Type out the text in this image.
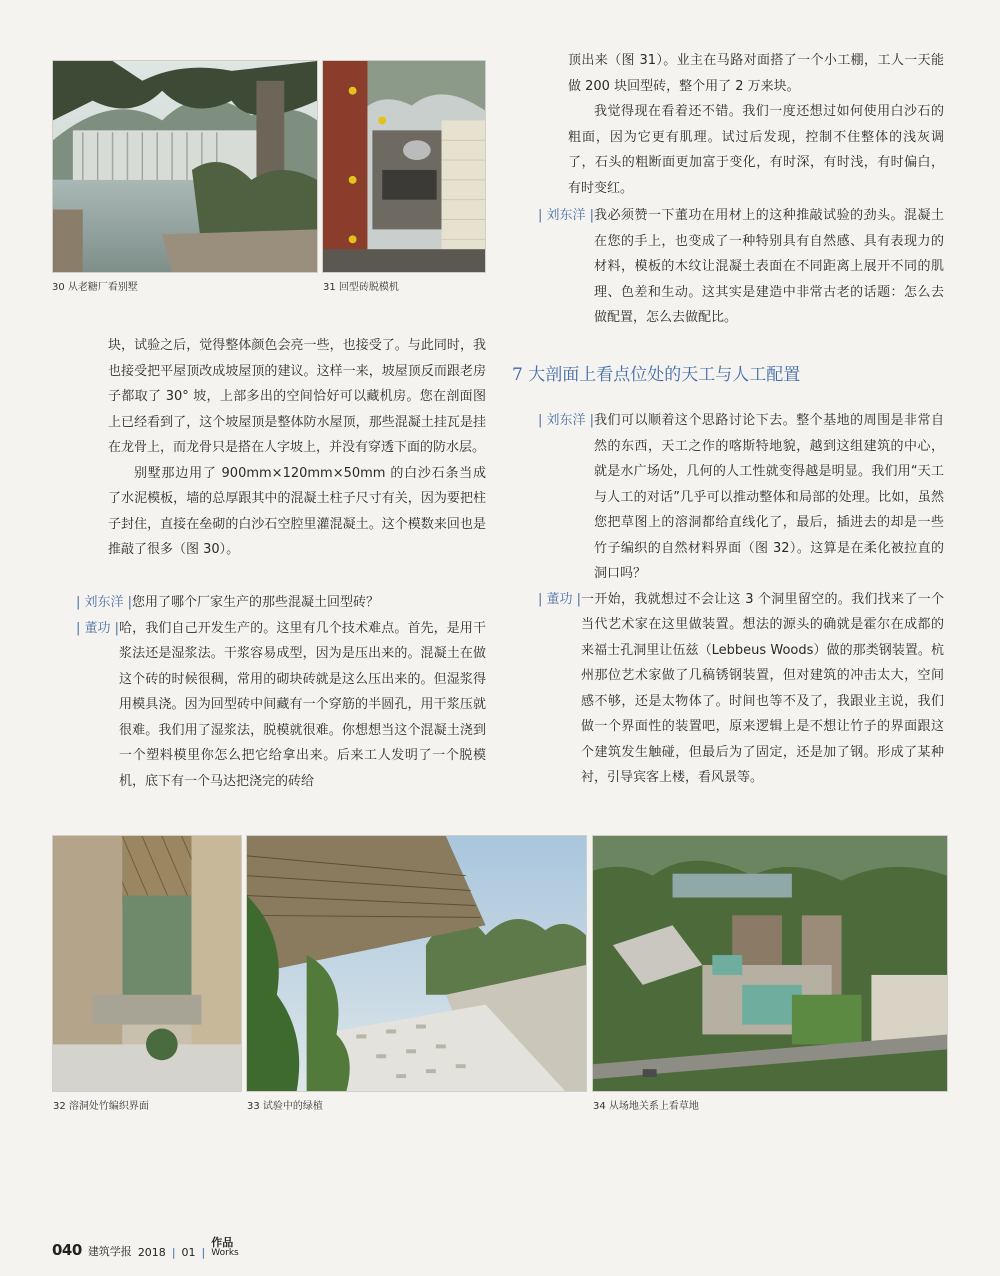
30 从老糖厂看别墅	31 回型砖脱模机

顶出来（图 31）。业主在马路对面搭了一个小工棚，工人一天能做 200 块回型砖，整个用了 2 万来块。

我觉得现在看着还不错。我们一度还想过如何使用白沙石的粗面，因为它更有肌理。试过后发现，控制不住整体的浅灰调了，石头的粗断面更加富于变化，有时深，有时浅，有时偏白，有时变红。

| 刘东洋 | 我必须赞一下董功在用材上的这种推敲试验的劲头。混凝土在您的手上，也变成了一种特别具有自然感、具有表现力的材料，模板的木纹让混凝土表面在不同距离上展开不同的肌理、色差和生动。这其实是建造中非常古老的话题：怎么去做配置，怎么去做配比。
7 大剖面上看点位处的天工与人工配置
| 刘东洋 | 我们可以顺着这个思路讨论下去。整个基地的周围是非常自然的东西，天工之作的喀斯特地貌，越到这组建筑的中心，就是水广场处，几何的人工性就变得越是明显。我们用“天工与人工的对话”几乎可以推动整体和局部的处理。比如，虽然您把草图上的溶洞都给直线化了，最后，插进去的却是一些竹子编织的自然材料界面（图 32）。这算是在柔化被拉直的洞口吗？
| 董功 | 一开始，我就想过不会让这 3 个洞里留空的。我们找来了一个当代艺术家在这里做装置。想法的源头的确就是霍尔在成都的来福士孔洞里让伍兹（Lebbeus Woods）做的那类钢装置。杭州那位艺术家做了几稿锈钢装置，但对建筑的冲击太大，空间感不够，还是太物体了。时间也等不及了，我跟业主说，我们做一个界面性的装置吧，原来逻辑上是不想让竹子的界面跟这个建筑发生触碰，但最后为了固定，还是加了钢。形成了某种衬，引导宾客上楼，看风景等。

块，试验之后，觉得整体颜色会亮一些，也接受了。与此同时，我也接受把平屋顶改成坡屋顶的建议。这样一来，坡屋顶反而跟老房子都取了 30° 坡，上部多出的空间恰好可以藏机房。您在剖面图上已经看到了，这个坡屋顶是整体防水屋顶，那些混凝土挂瓦是挂在龙骨上，而龙骨只是搭在人字坡上，并没有穿透下面的防水层。

别墅那边用了 900mm×120mm×50mm 的白沙石条当成了水泥模板，墙的总厚跟其中的混凝土柱子尺寸有关，因为要把柱子封住，直接在垒砌的白沙石空腔里灌混凝土。这个模数来回也是推敲了很多（图 30）。

| 刘东洋 | 您用了哪个厂家生产的那些混凝土回型砖？
| 董功 | 哈，我们自己开发生产的。这里有几个技术难点。首先，是用干浆法还是湿浆法。干浆容易成型，因为是压出来的。混凝土在做这个砖的时候很稠，常用的砌块砖就是这么压出来的。但湿浆得用模具浇。因为回型砖中间藏有一个穿筋的半圆孔，用干浆压就很难。我们用了湿浆法，脱模就很难。你想想当这个混凝土浇到一个塑料模里你怎么把它给拿出来。后来工人发明了一个脱模机，底下有一个马达把浇完的砖给
32 溶洞处竹编织界面	33 试验中的绿植	34 从场地关系上看草地
040 建筑学报 2018 | 01 |
作品
Works
